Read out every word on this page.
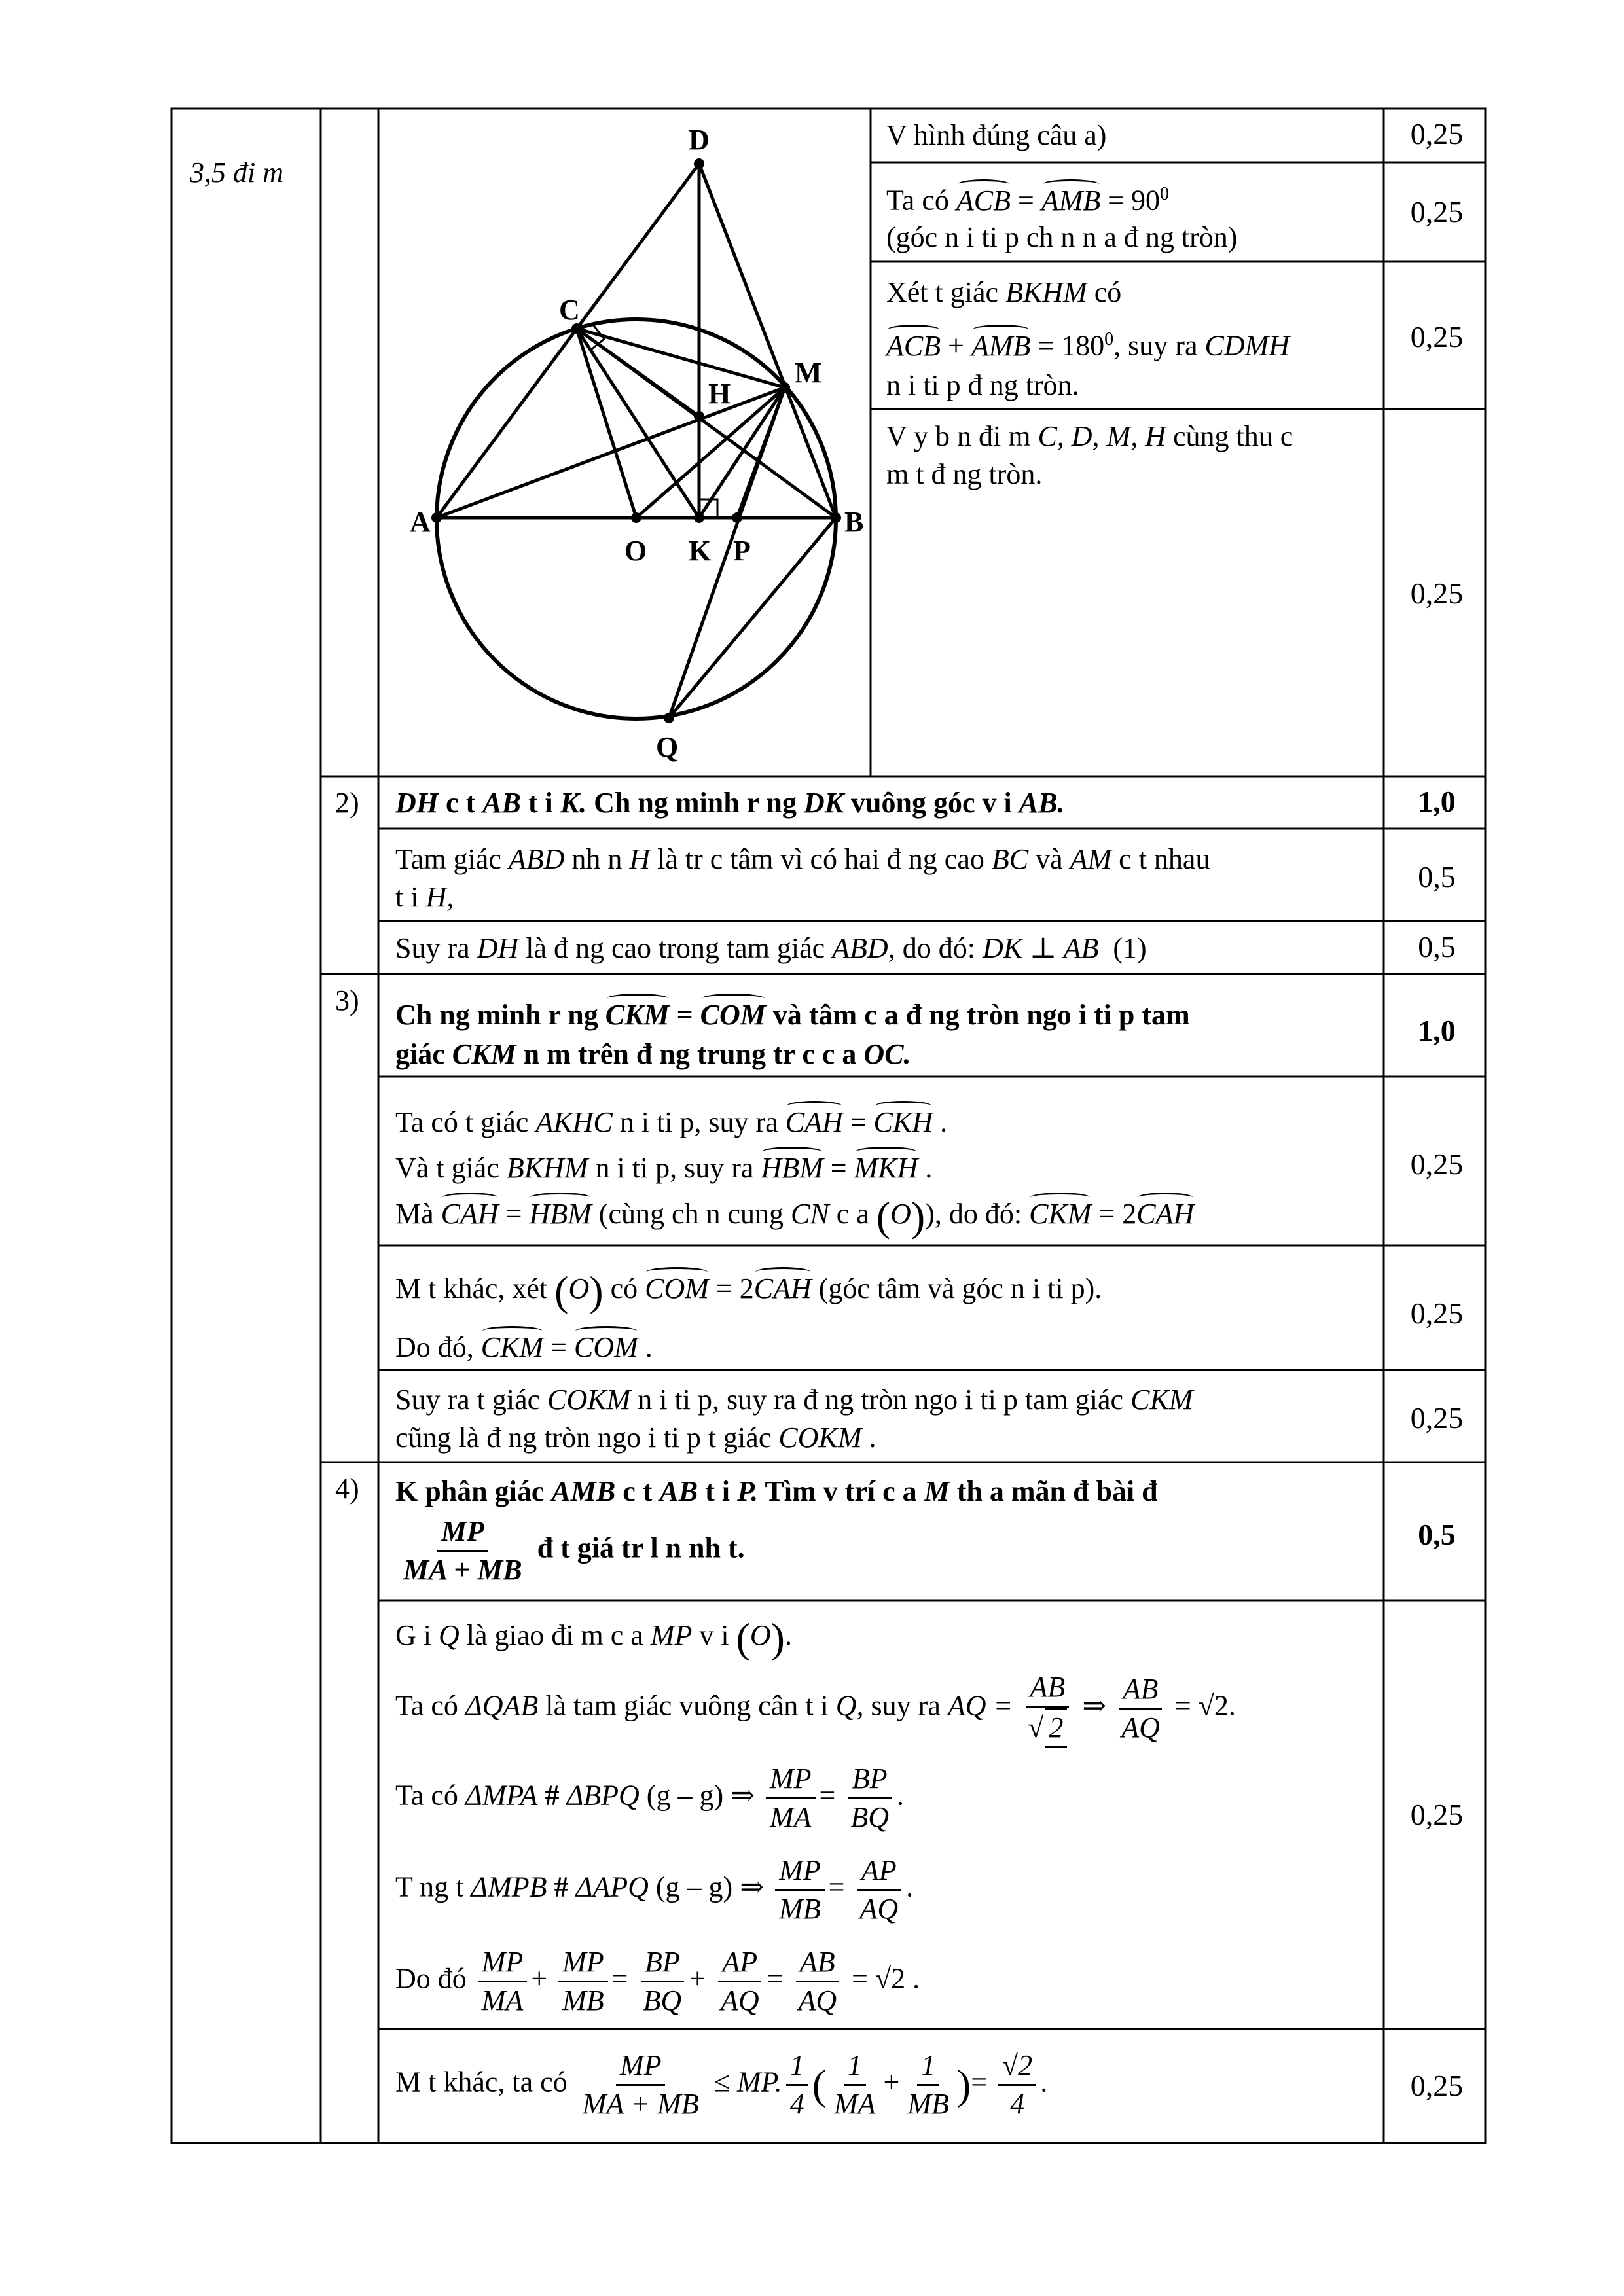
3,5 đi m
D
C
M
H
A	B
O K P
Q
V hình đúng câu a)	0,25
Ta có ACB = AMB = $90^0$
(góc n i ti p ch n n a đ ng tròn)
0,25
Xét t giác BKHM có
ACB + AMB = $180^0$, suy ra CDMH
n i ti p đ ng tròn.
0,25
V y b n đi m C, D, M, H cùng thu c
m t đ ng tròn.
0,25
2) DH c t AB t i K. Ch ng minh r ng DK vuông góc v i AB.	1,0
Tam giác ABD nh n H là tr c tâm vì có hai đ ng cao BC và AM c t nhau
t i H,
0,5
Suy ra DH là đ ng cao trong tam giác ABD, do đó: DK ⊥ AB (1)	0,5
3) Ch ng minh r ng CKM = COM và tâm c a đ ng tròn ngo i ti p tam
giác CKM n m trên đ ng trung tr c c a OC.
1,0
Ta có t giác AKHC n i ti p, suy ra CAH = CKH .
Và t giác BKHM n i ti p, suy ra HBM = MKH .
Mà CAH = HBM (cùng ch n cung CN c a (O)), do đó: CKM = 2CAH
0,25
M t khác, xét (O) có COM = 2CAH (góc tâm và góc n i ti p).
Do đó, CKM = COM .
0,25
Suy ra t giác COKM n i ti p, suy ra đ ng tròn ngo i ti p tam giác CKM
cũng là đ ng tròn ngo i ti p t giác COKM .
0,25
4) K phân giác AMB c t AB t i P. Tìm v trí c a M th a mãn đ bài đ
$\frac{MP}{MA + MB}$ đ t giá tr l n nh t.	0,5
G i Q là giao đi m c a MP v i (O).
Ta có ΔQAB là tam giác vuông cân t i Q, suy ra AQ = $\frac{AB}{√ 2}$ ⇒ $\frac{AB}{AQ} = √2$.
Ta có ΔMPA # ΔBPQ (g – g) ⇒ $\frac{MP}{MA} = \frac{BP}{BQ}$ .
T ng t ΔMPB # ΔAPQ (g – g) ⇒ $\frac{MP}{MB} = \frac{AP}{AQ}$ .
Do đó $\frac{MP}{MA} + \frac{MP}{MB} = \frac{BP}{BQ} + \frac{AP}{AQ} = \frac{AB}{AQ} = √2$ .
0,25
M t khác, ta có $\frac{MP}{MA + MB}$ ≤ MP. $\frac{1}{4}$ ( $\frac{1}{MA} + \frac{1}{MB}$ )= $\frac{√2}{4}$ .	0,25
